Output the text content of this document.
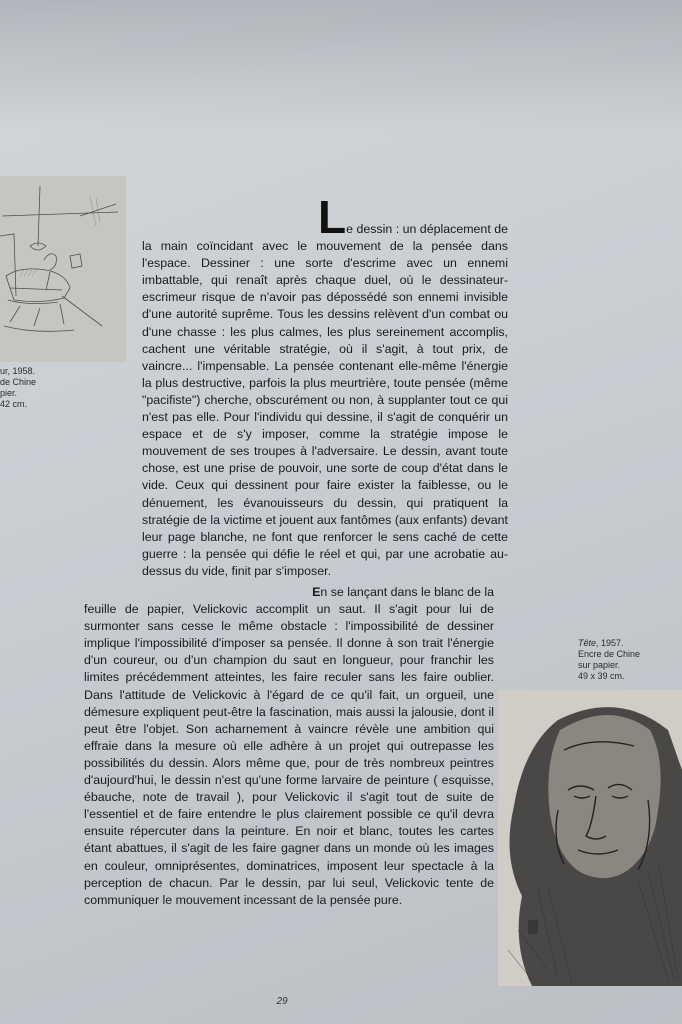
ur, 1958.
de Chine
pier.
42 cm.
Le dessin : un déplacement de
la main coïncidant avec le mouvement de la pensée dans l'espace. Dessiner : une sorte d'escrime avec un ennemi imbattable, qui renaît après chaque duel, où le dessinateur-escrimeur risque de n'avoir pas dépossédé son ennemi invisible d'une autorité suprême. Tous les dessins relèvent d'un combat ou d'une chasse : les plus calmes, les plus sereinement accomplis, cachent une véritable stratégie, où il s'agit, à tout prix, de vaincre... l'impensable. La pensée contenant elle-même l'énergie la plus destructive, parfois la plus meurtrière, toute pensée (même "pacifiste") cherche, obscurément ou non, à supplanter tout ce qui n'est pas elle. Pour l'individu qui dessine, il s'agit de conquérir un espace et de s'y imposer, comme la stratégie impose le mouvement de ses troupes à l'adversaire. Le dessin, avant toute chose, est une prise de pouvoir, une sorte de coup d'état dans le vide. Ceux qui dessinent pour faire exister la faiblesse, ou le dénuement, les évanouisseurs du dessin, qui pratiquent la stratégie de la victime et jouent aux fantômes (aux enfants) devant leur page blanche, ne font que renforcer le sens caché de cette guerre : la pensée qui défie le réel et qui, par une acrobatie au-dessus du vide, finit par s'imposer.
En se lançant dans le blanc de la
feuille de papier, Velickovic accomplit un saut. Il s'agit pour lui de surmonter sans cesse le même obstacle : l'impossibilité de dessiner implique l'impossibilité d'imposer sa pensée. Il donne à son trait l'énergie d'un coureur, ou d'un champion du saut en longueur, pour franchir les limites précédemment atteintes, les faire reculer sans les faire oublier. Dans l'attitude de Velickovic à l'égard de ce qu'il fait, un orgueil, une démesure expliquent peut-être la fascination, mais aussi la jalousie, dont il peut être l'objet. Son acharnement à vaincre révèle une ambition qui effraie dans la mesure où elle adhère à un projet qui outrepasse les possibilités du dessin. Alors même que, pour de très nombreux peintres d'aujourd'hui, le dessin n'est qu'une forme larvaire de peinture ( esquisse, ébauche, note de travail ), pour Velickovic il s'agit tout de suite de l'essentiel et de faire entendre le plus clairement possible ce qu'il devra ensuite répercuter dans la peinture. En noir et blanc, toutes les cartes étant abattues, il s'agit de les faire gagner dans un monde où les images en couleur, omniprésentes, dominatrices, imposent leur spectacle à la perception de chacun. Par le dessin, par lui seul, Velickovic tente de communiquer le mouvement incessant de la pensée pure.
Tête, 1957.
Encre de Chine
sur papier.
49 x 39 cm.
29
